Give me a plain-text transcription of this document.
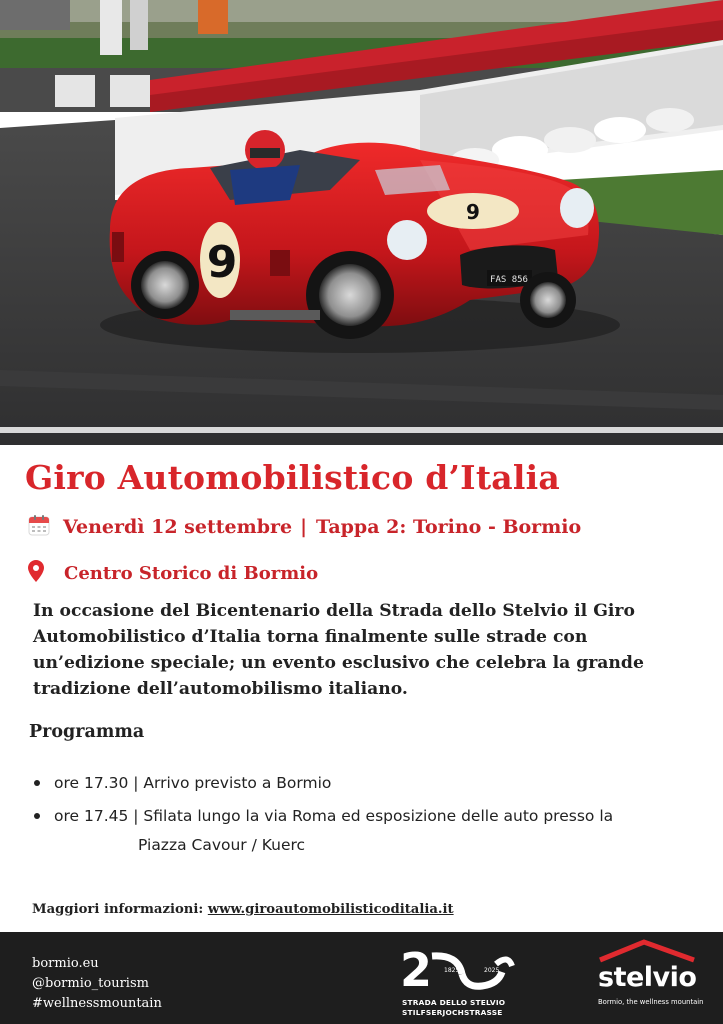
9
9	FAS 856
Giro Automobilistico d’Italia
Venerdì 12 settembre | Tappa 2: Torino - Bormio
Centro Storico di Bormio
In occasione del Bicentenario della Strada dello Stelvio il Giro Automobilistico d’Italia torna finalmente sulle strade con un’edizione speciale; un evento esclusivo che celebra la grande tradizione dell’automobilismo italiano.
Programma
ore 17.30 | Arrivo previsto a Bormio
ore 17.45 | Sfilata lungo la via Roma ed esposizione delle auto presso la
Piazza Cavour / Kuerc
Maggiori informazioni: www.giroautomobilisticoditalia.it
bormio.eu
@bormio_tourism
#wellnessmountain
2 1825	2025
STRADA DELLO STELVIO
STILFSERJOCHSTRASSE
stelvio
Bormio, the wellness mountain
